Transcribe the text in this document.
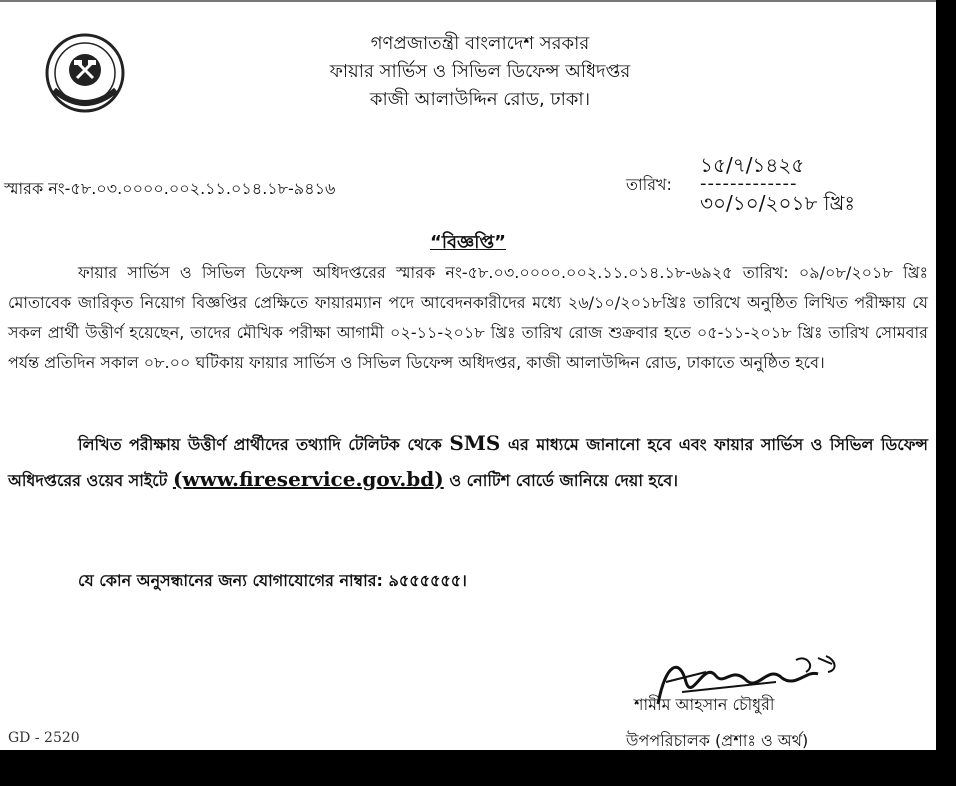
গণপ্রজাতন্ত্রী বাংলাদেশ সরকার
ফায়ার সার্ভিস ও সিভিল ডিফেন্স অধিদপ্তর
কাজী আলাউদ্দিন রোড, ঢাকা।
স্মারক নং-৫৮.০৩.০০০০.০০২.১১.০১৪.১৮-৯৪১৬	তারিখ:
১৫/৭/১৪২৫
-------------
৩০/১০/২০১৮ খ্রিঃ
“বিজ্ঞপ্তি”
ফায়ার সার্ভিস ও সিভিল ডিফেন্স অধিদপ্তরের স্মারক নং-৫৮.০৩.০০০০.০০২.১১.০১৪.১৮-৬৯২৫ তারিখ: ০৯/০৮/২০১৮ খ্রিঃ মোতাবেক জারিকৃত নিয়োগ বিজ্ঞপ্তির প্রেক্ষিতে ফায়ারম্যান পদে আবেদনকারীদের মধ্যে ২৬/১০/২০১৮খ্রিঃ তারিখে অনুষ্ঠিত লিখিত পরীক্ষায় যে সকল প্রার্থী উত্তীর্ণ হয়েছেন, তাদের মৌখিক পরীক্ষা আগামী ০২-১১-২০১৮ খ্রিঃ তারিখ রোজ শুক্রবার হতে ০৫-১১-২০১৮ খ্রিঃ তারিখ সোমবার পর্যন্ত প্রতিদিন সকাল ০৮.০০ ঘটিকায় ফায়ার সার্ভিস ও সিভিল ডিফেন্স অধিদপ্তর, কাজী আলাউদ্দিন রোড, ঢাকাতে অনুষ্ঠিত হবে।
লিখিত পরীক্ষায় উত্তীর্ণ প্রার্থীদের তথ্যাদি টেলিটক থেকে SMS এর মাধ্যমে জানানো হবে এবং ফায়ার সার্ভিস ও সিভিল ডিফেন্স অধিদপ্তরের ওয়েব সাইটে (www.fireservice.gov.bd) ও নোটিশ বোর্ডে জানিয়ে দেয়া হবে।
যে কোন অনুসন্ধানের জন্য যোগাযোগের নাম্বার: ৯৫৫৫৫৫৫।
শামীম আহসান চৌধুরী
উপপরিচালক (প্রশাঃ ও অর্থ)
GD - 2520
